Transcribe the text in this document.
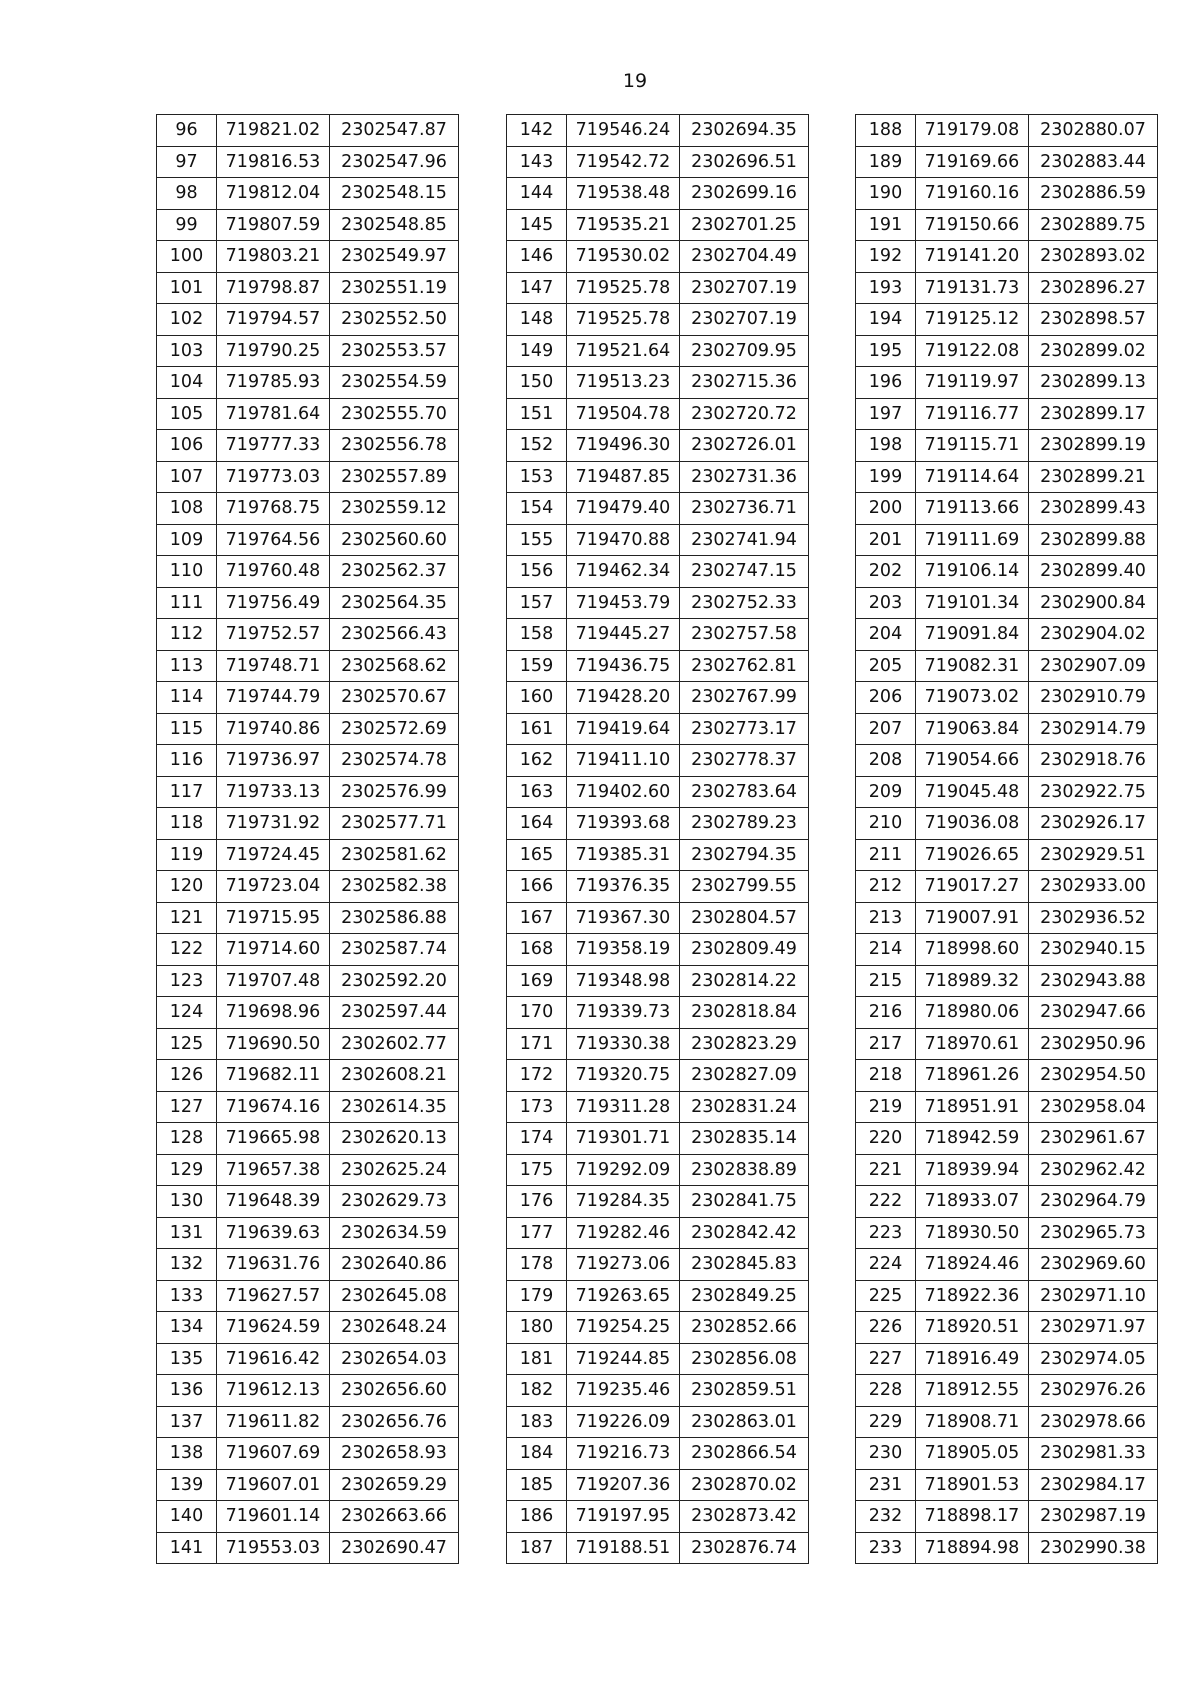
19
96	719821.02	2302547.87
97	719816.53	2302547.96
98	719812.04	2302548.15
99	719807.59	2302548.85
100	719803.21	2302549.97
101	719798.87	2302551.19
102	719794.57	2302552.50
103	719790.25	2302553.57
104	719785.93	2302554.59
105	719781.64	2302555.70
106	719777.33	2302556.78
107	719773.03	2302557.89
108	719768.75	2302559.12
109	719764.56	2302560.60
110	719760.48	2302562.37
111	719756.49	2302564.35
112	719752.57	2302566.43
113	719748.71	2302568.62
114	719744.79	2302570.67
115	719740.86	2302572.69
116	719736.97	2302574.78
117	719733.13	2302576.99
118	719731.92	2302577.71
119	719724.45	2302581.62
120	719723.04	2302582.38
121	719715.95	2302586.88
122	719714.60	2302587.74
123	719707.48	2302592.20
124	719698.96	2302597.44
125	719690.50	2302602.77
126	719682.11	2302608.21
127	719674.16	2302614.35
128	719665.98	2302620.13
129	719657.38	2302625.24
130	719648.39	2302629.73
131	719639.63	2302634.59
132	719631.76	2302640.86
133	719627.57	2302645.08
134	719624.59	2302648.24
135	719616.42	2302654.03
136	719612.13	2302656.60
137	719611.82	2302656.76
138	719607.69	2302658.93
139	719607.01	2302659.29
140	719601.14	2302663.66
141	719553.03	2302690.47
142	719546.24	2302694.35
143	719542.72	2302696.51
144	719538.48	2302699.16
145	719535.21	2302701.25
146	719530.02	2302704.49
147	719525.78	2302707.19
148	719525.78	2302707.19
149	719521.64	2302709.95
150	719513.23	2302715.36
151	719504.78	2302720.72
152	719496.30	2302726.01
153	719487.85	2302731.36
154	719479.40	2302736.71
155	719470.88	2302741.94
156	719462.34	2302747.15
157	719453.79	2302752.33
158	719445.27	2302757.58
159	719436.75	2302762.81
160	719428.20	2302767.99
161	719419.64	2302773.17
162	719411.10	2302778.37
163	719402.60	2302783.64
164	719393.68	2302789.23
165	719385.31	2302794.35
166	719376.35	2302799.55
167	719367.30	2302804.57
168	719358.19	2302809.49
169	719348.98	2302814.22
170	719339.73	2302818.84
171	719330.38	2302823.29
172	719320.75	2302827.09
173	719311.28	2302831.24
174	719301.71	2302835.14
175	719292.09	2302838.89
176	719284.35	2302841.75
177	719282.46	2302842.42
178	719273.06	2302845.83
179	719263.65	2302849.25
180	719254.25	2302852.66
181	719244.85	2302856.08
182	719235.46	2302859.51
183	719226.09	2302863.01
184	719216.73	2302866.54
185	719207.36	2302870.02
186	719197.95	2302873.42
187	719188.51	2302876.74
188	719179.08	2302880.07
189	719169.66	2302883.44
190	719160.16	2302886.59
191	719150.66	2302889.75
192	719141.20	2302893.02
193	719131.73	2302896.27
194	719125.12	2302898.57
195	719122.08	2302899.02
196	719119.97	2302899.13
197	719116.77	2302899.17
198	719115.71	2302899.19
199	719114.64	2302899.21
200	719113.66	2302899.43
201	719111.69	2302899.88
202	719106.14	2302899.40
203	719101.34	2302900.84
204	719091.84	2302904.02
205	719082.31	2302907.09
206	719073.02	2302910.79
207	719063.84	2302914.79
208	719054.66	2302918.76
209	719045.48	2302922.75
210	719036.08	2302926.17
211	719026.65	2302929.51
212	719017.27	2302933.00
213	719007.91	2302936.52
214	718998.60	2302940.15
215	718989.32	2302943.88
216	718980.06	2302947.66
217	718970.61	2302950.96
218	718961.26	2302954.50
219	718951.91	2302958.04
220	718942.59	2302961.67
221	718939.94	2302962.42
222	718933.07	2302964.79
223	718930.50	2302965.73
224	718924.46	2302969.60
225	718922.36	2302971.10
226	718920.51	2302971.97
227	718916.49	2302974.05
228	718912.55	2302976.26
229	718908.71	2302978.66
230	718905.05	2302981.33
231	718901.53	2302984.17
232	718898.17	2302987.19
233	718894.98	2302990.38
